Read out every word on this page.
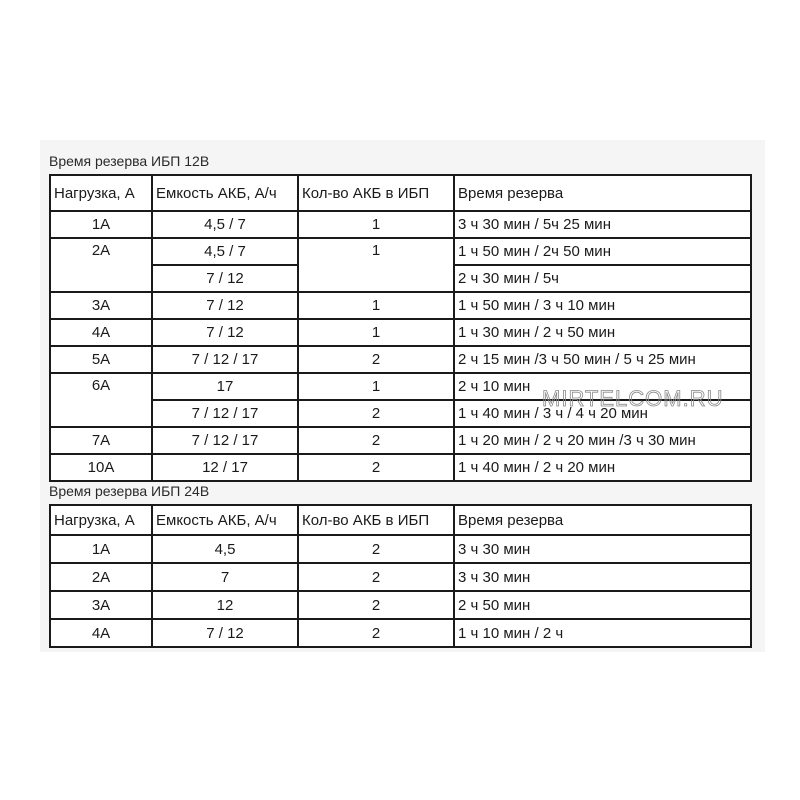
Время резерва ИБП 12В
Нагрузка, А	Емкость АКБ, А/ч	Кол-во АКБ в ИБП	Время резерва
1А	4,5 / 7	1	3 ч 30 мин / 5ч 25 мин
2А	4,5 / 7	1	1 ч 50 мин / 2ч 50 мин
	7 / 12		2 ч 30 мин / 5ч
3А	7 / 12	1	1 ч 50 мин / 3 ч 10 мин
4А	7 / 12	1	1 ч 30 мин / 2 ч 50 мин
5А	7 / 12 / 17	2	2 ч 15 мин /3 ч 50 мин / 5 ч 25 мин
6А	17	1	2 ч 10 мин
	7 / 12 / 17	2	1 ч 40 мин / 3 ч / 4 ч 20 мин
7А	7 / 12 / 17	2	1 ч 20 мин / 2 ч 20 мин /3 ч 30 мин
10А	12 / 17	2	1 ч 40 мин / 2 ч 20 мин
Время резерва ИБП 24В
Нагрузка, А	Емкость АКБ, А/ч	Кол-во АКБ в ИБП	Время резерва
1А	4,5	2	3 ч 30 мин
2А	7	2	3 ч 30 мин
3А	12	2	2 ч 50 мин
4А	7 / 12	2	1 ч 10 мин / 2 ч
MIRTELCOM.RU
